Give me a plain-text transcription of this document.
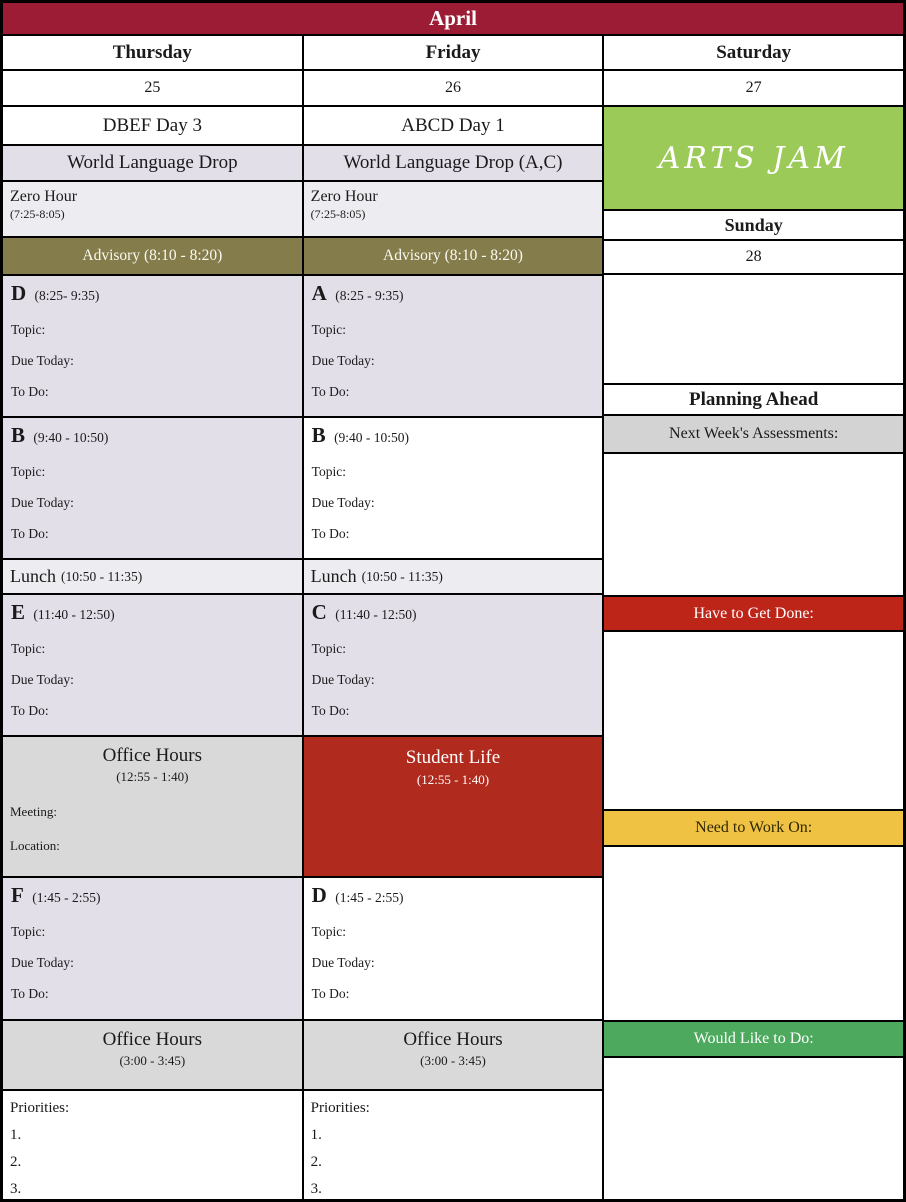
April
Thursday
25
DBEF Day 3
World Language Drop
Zero Hour
(7:25-8:05)
Advisory (8:10 - 8:20)
D (8:25- 9:35)
Topic:
Due Today:
To Do:
B (9:40 - 10:50)
Topic:
Due Today:
To Do:
Lunch (10:50 - 11:35)
E (11:40 - 12:50)
Topic:
Due Today:
To Do:
Office Hours
(12:55 - 1:40)
Meeting:
Location:
F (1:45 - 2:55)
Topic:
Due Today:
To Do:
Office Hours
(3:00 - 3:45)
Priorities:
1.
2.
3.
Friday
26
ABCD Day 1
World Language Drop (A,C)
Zero Hour
(7:25-8:05)
Advisory (8:10 - 8:20)
A (8:25 - 9:35)
Topic:
Due Today:
To Do:
B (9:40 - 10:50)
Topic:
Due Today:
To Do:
Lunch (10:50 - 11:35)
C (11:40 - 12:50)
Topic:
Due Today:
To Do:
Student Life
(12:55 - 1:40)
D (1:45 - 2:55)
Topic:
Due Today:
To Do:
Office Hours
(3:00 - 3:45)
Priorities:
1.
2.
3.
Saturday
27
ARTS JAM
Sunday
28
Planning Ahead
Next Week's Assessments:
Have to Get Done:
Need to Work On:
Would Like to Do:
